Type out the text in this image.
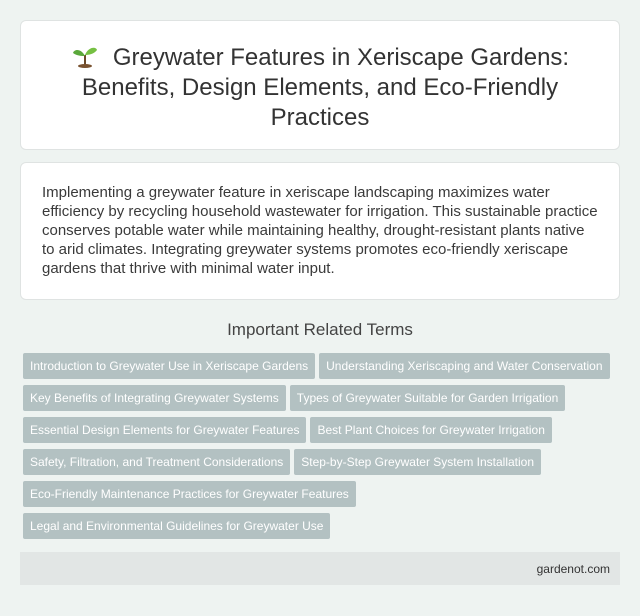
Greywater Features in Xeriscape Gardens: Benefits, Design Elements, and Eco-Friendly Practices

Implementing a greywater feature in xeriscape landscaping maximizes water efficiency by recycling household wastewater for irrigation. This sustainable practice conserves potable water while maintaining healthy, drought-resistant plants native to arid climates. Integrating greywater systems promotes eco-friendly xeriscape gardens that thrive with minimal water input.

Important Related Terms
Introduction to Greywater Use in Xeriscape Gardens Understanding Xeriscaping and Water Conservation
Key Benefits of Integrating Greywater Systems Types of Greywater Suitable for Garden Irrigation
Essential Design Elements for Greywater Features Best Plant Choices for Greywater Irrigation
Safety, Filtration, and Treatment Considerations Step-by-Step Greywater System Installation
Eco-Friendly Maintenance Practices for Greywater Features
Legal and Environmental Guidelines for Greywater Use
gardenot.com
